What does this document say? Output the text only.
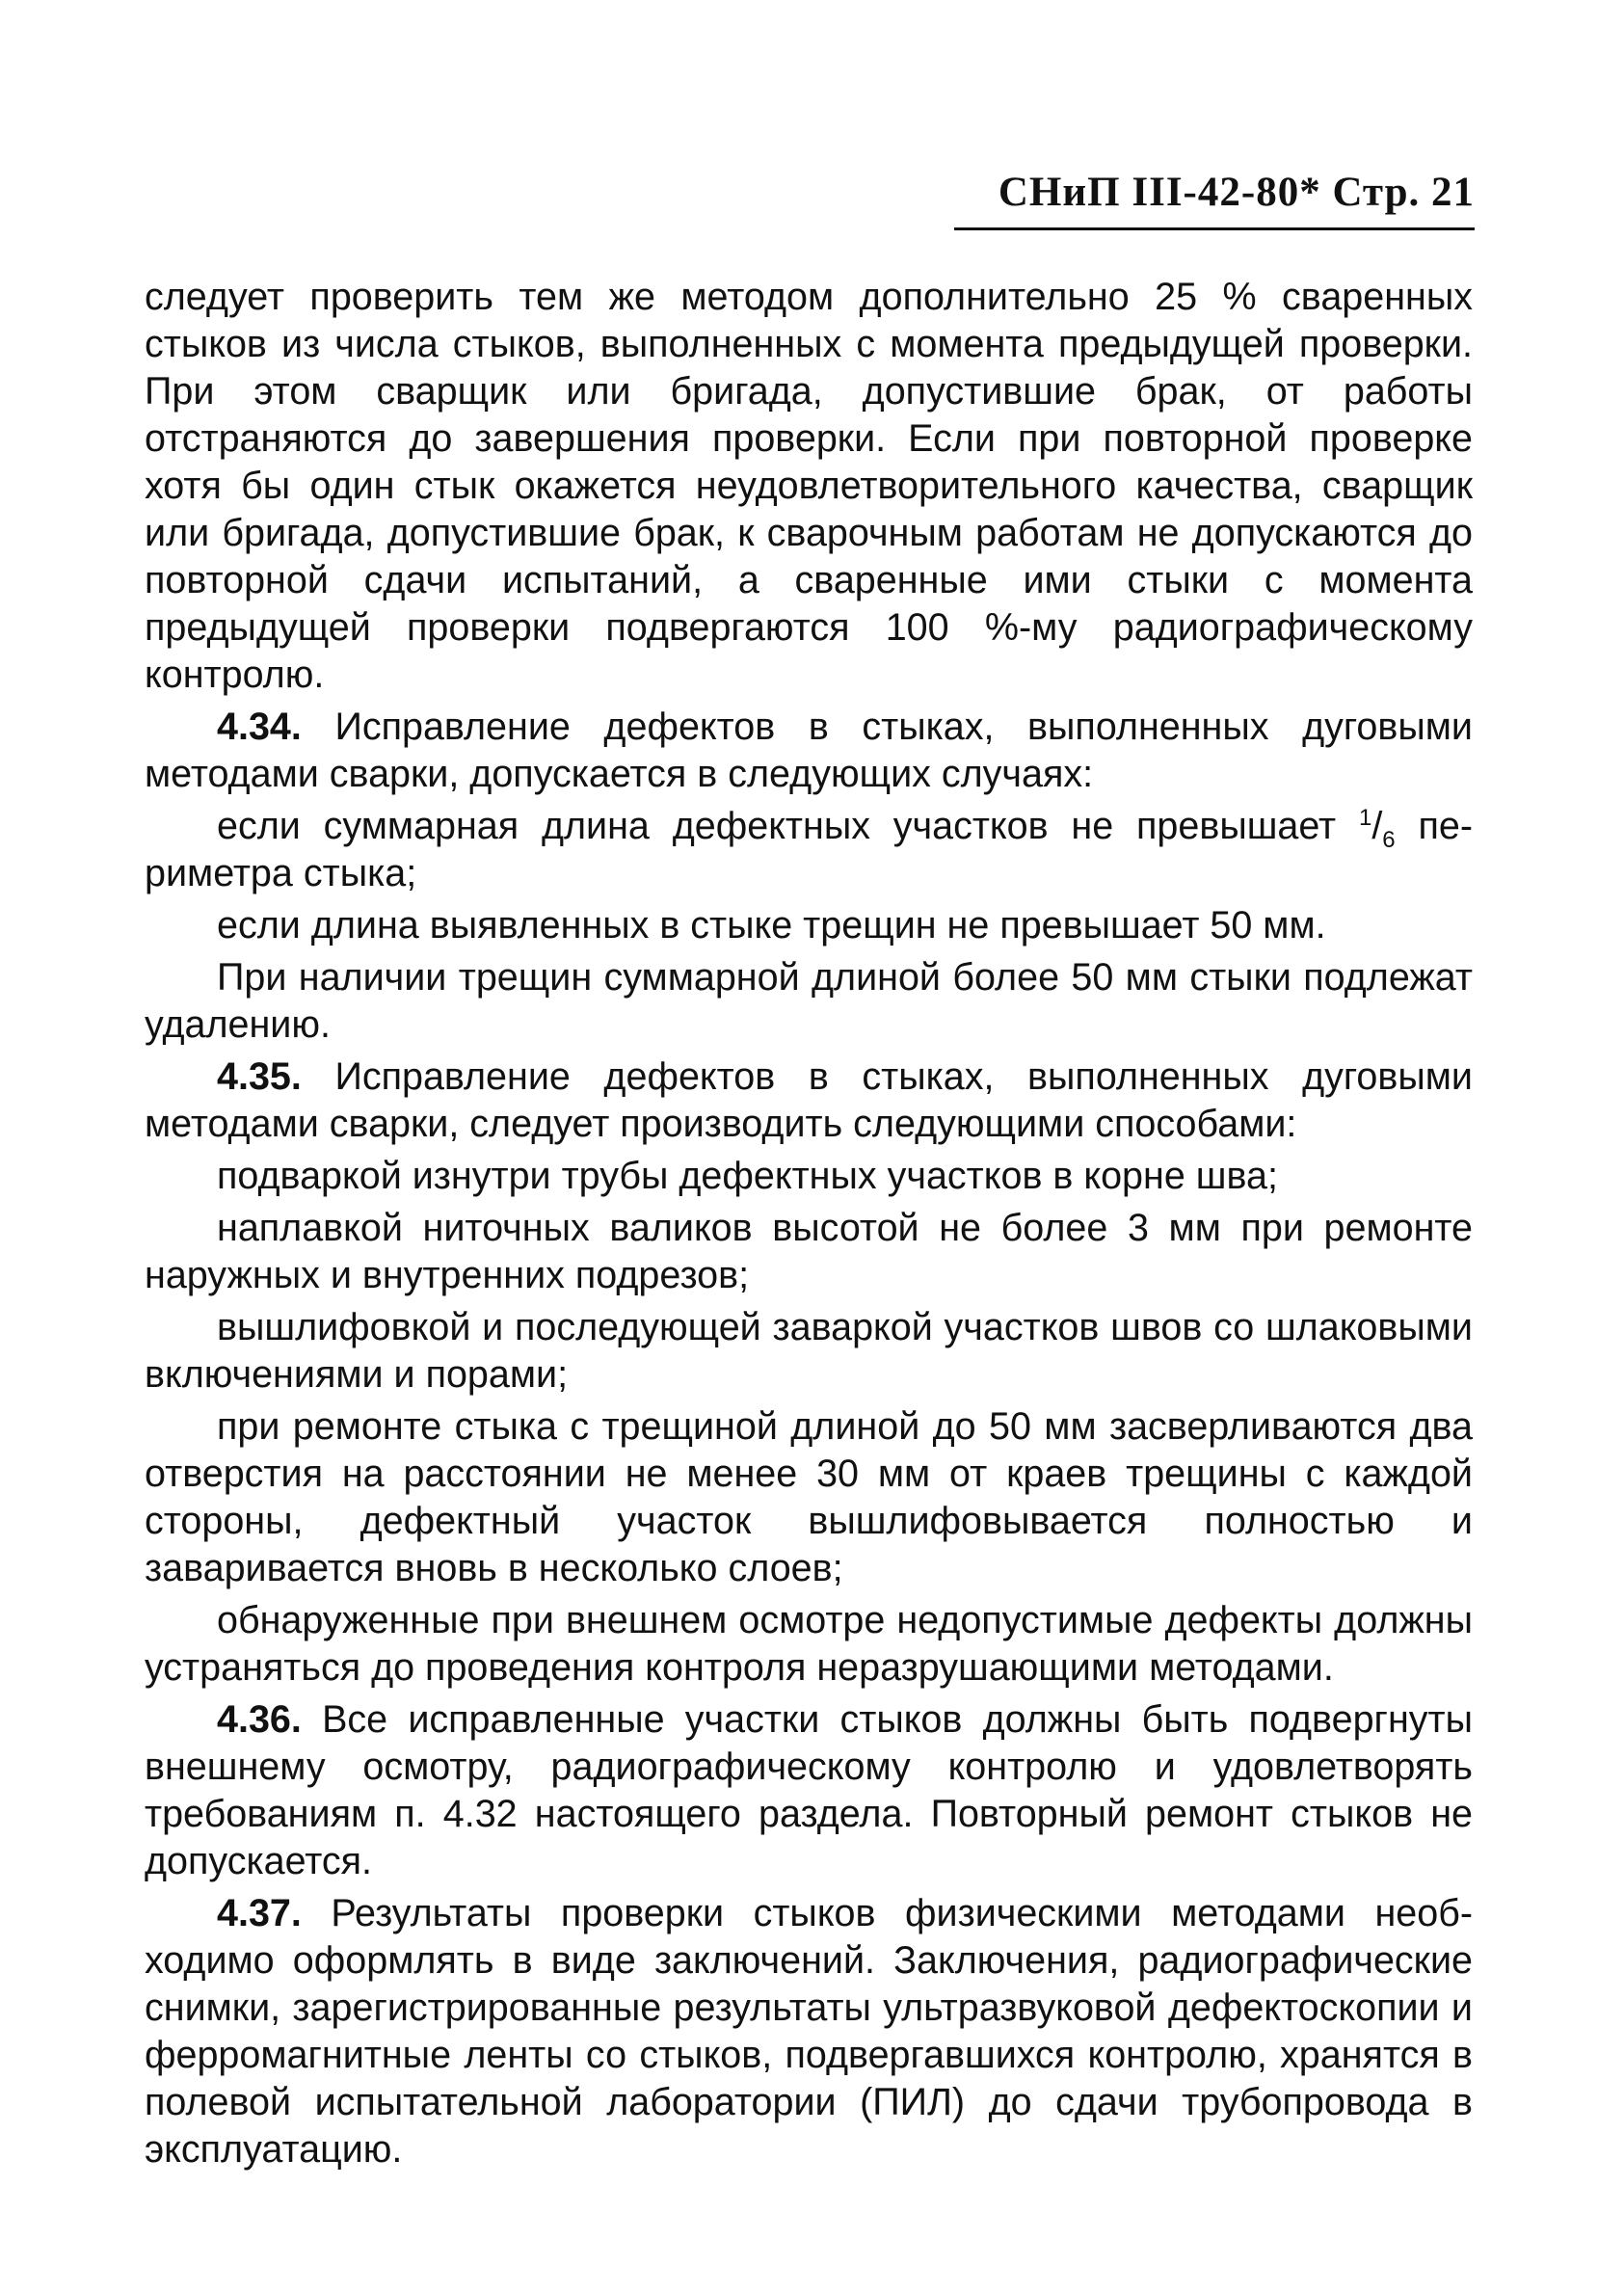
СНиП III-42-80* Стр. 21

следует проверить тем же методом дополнительно 25 % сваренных стыков из числа стыков, выполненных с момента предыдущей проверки. При этом сварщик или бригада, допустившие брак, от работы отстраняются до завершения проверки. Если при повторной проверке хотя бы один стык окажется неудовлетворительного качества, сварщик или бригада, допустившие брак, к сварочным работам не допускаются до повторной сдачи испытаний, а сваренные ими стыки с момента предыдущей проверки подвергаются 100 %-му радиографическому контролю.

4.34. Исправление дефектов в стыках, выполненных дуговыми методами сварки, допускается в следующих случаях:

если суммарная длина дефектных участков не превышает $^1/_6$ периметра стыка;

если длина выявленных в стыке трещин не превышает 50 мм.

При наличии трещин суммарной длиной более 50 мм стыки подлежат удалению.

4.35. Исправление дефектов в стыках, выполненных дуговыми методами сварки, следует производить следующими способами:

подваркой изнутри трубы дефектных участков в корне шва;

наплавкой ниточных валиков высотой не более 3 мм при ремонте наружных и внутренних подрезов;

вышлифовкой и последующей заваркой участков швов со шлаковыми включениями и порами;

при ремонте стыка с трещиной длиной до 50 мм засверливаются два отверстия на расстоянии не менее 30 мм от краев трещины с каждой стороны, дефектный участок вышлифовывается полностью и заваривается вновь в несколько слоев;

обнаруженные при внешнем осмотре недопустимые дефекты должны устраняться до проведения контроля неразрушающими методами.

4.36. Все исправленные участки стыков должны быть подвергнуты внешнему осмотру, радиографическому контролю и удовлетворять требованиям п. 4.32 настоящего раздела. Повторный ремонт стыков не допускается.

4.37. Результаты проверки стыков физическими методами необходимо оформлять в виде заключений. Заключения, радиографические снимки, зарегистрированные результаты ультразвуковой дефектоскопии и ферромагнитные ленты со стыков, подвергавшихся контролю, хранятся в полевой испытательной лаборатории (ПИЛ) до сдачи трубопровода в эксплуатацию.
